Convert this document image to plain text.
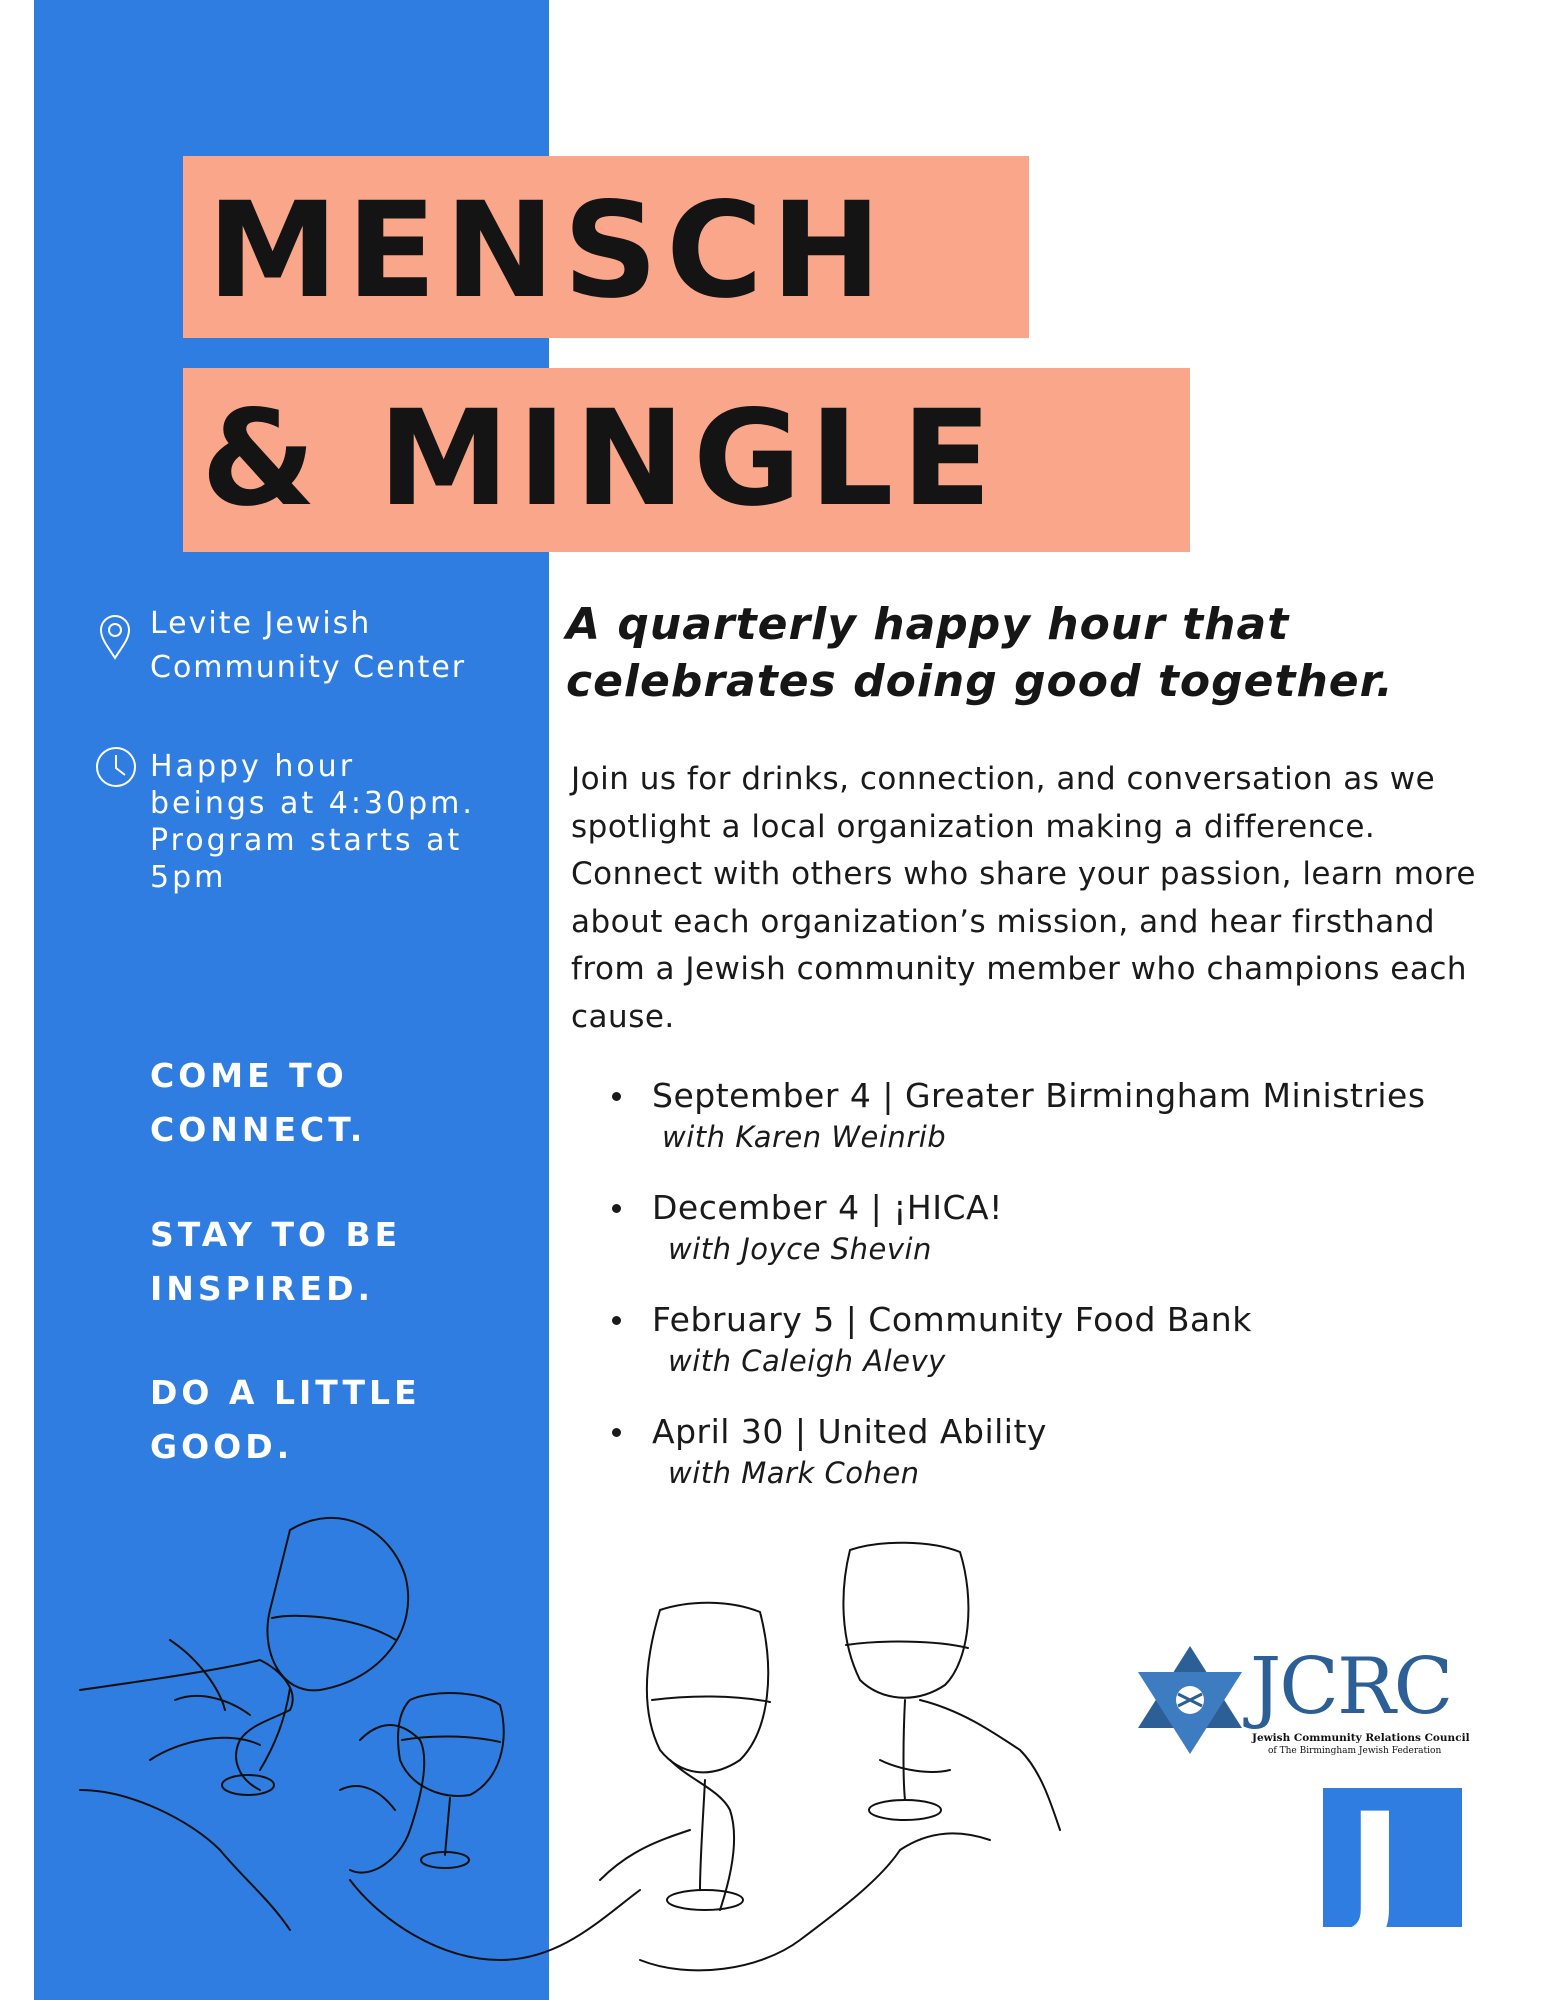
MENSCH
& MINGLE
Levite Jewish
Community Center
Happy hour
beings at 4:30pm.
Program starts at
5pm
COME TO
CONNECT.
STAY TO BE
INSPIRED.
DO A LITTLE
GOOD.
A quarterly happy hour that
celebrates doing good together.
Join us for drinks, connection, and conversation as we spotlight a local organization making a difference. Connect with others who share your passion, learn more about each organization’s mission, and hear firsthand from a Jewish community member who champions each cause.
September 4 | Greater Birmingham Ministries
with Karen Weinrib
December 4 | ¡HICA!
with Joyce Shevin
February 5 | Community Food Bank
with Caleigh Alevy
April 30 | United Ability
with Mark Cohen
JCRC
Jewish Community Relations Council
of The Birmingham Jewish Federation
J
